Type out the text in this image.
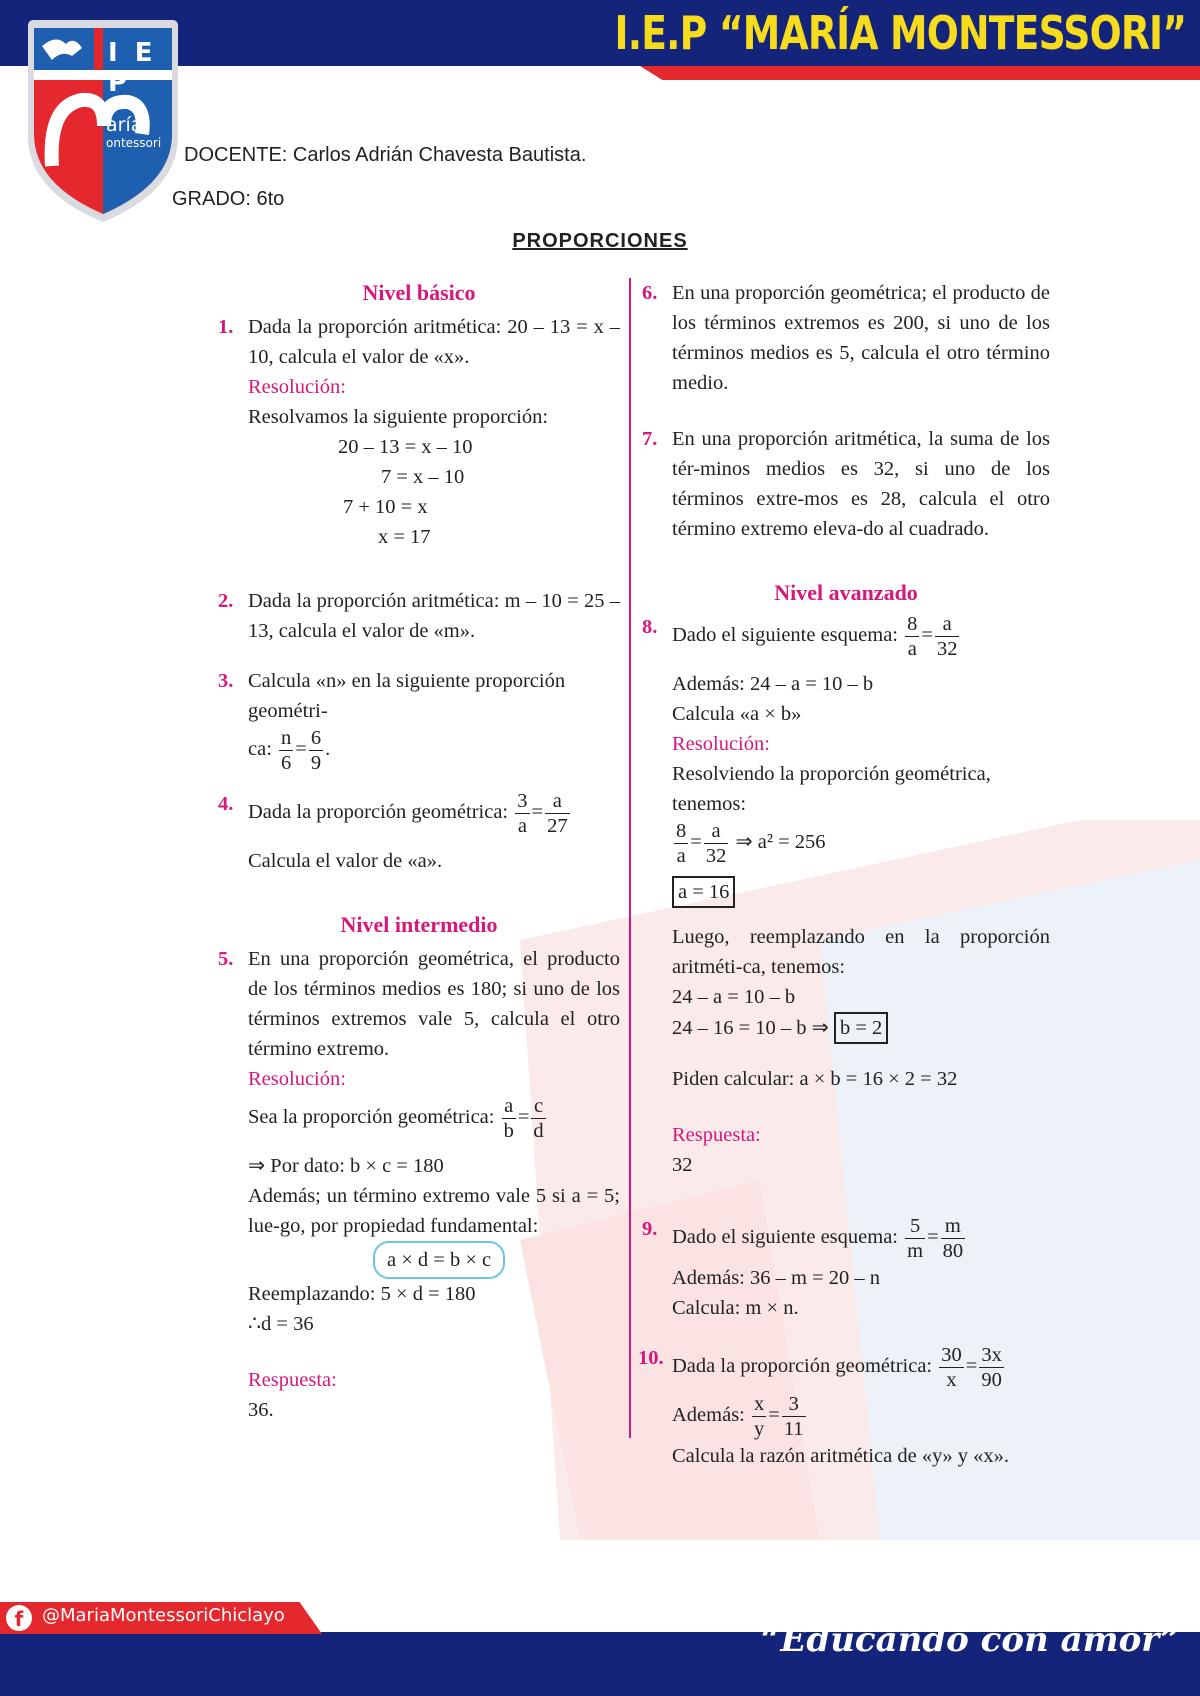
I.E.P “MARÍA MONTESSORI”
I E P
aría
ontessori
DOCENTE: Carlos Adrián Chavesta Bautista.
GRADO: 6to
PROPORCIONES
Nivel básico
1. Dada la proporción aritmética: 20 – 13 = x – 10, calcula el valor de «x».
Resolución:
Resolvamos la siguiente proporción:
20 – 13 = x – 10
7 = x – 10
7 + 10 = x
x = 17
2. Dada la proporción aritmética: m – 10 = 25 – 13, calcula el valor de «m».
3. Calcula «n» en la siguiente proporción geométri-
ca: $\frac{n}{6} = \frac{6}{9}$ .
4. Dada la proporción geométrica: $\frac{3}{a} = \frac{a}{27}$
Calcula el valor de «a».
Nivel intermedio
5. En una proporción geométrica, el producto de los términos medios es 180; si uno de los términos extremos vale 5, calcula el otro término extremo.
Resolución:
Sea la proporción geométrica: $\frac{a}{b} = \frac{c}{d}$
⇒ Por dato: b × c = 180
Además; un término extremo vale 5 si a = 5; lue-go, por propiedad fundamental:
a × d = b × c
Reemplazando: 5 × d = 180
∴d = 36
Respuesta:
36.
6. En una proporción geométrica; el producto de los términos extremos es 200, si uno de los términos medios es 5, calcula el otro término medio.
7. En una proporción aritmética, la suma de los tér-minos medios es 32, si uno de los términos extre-mos es 28, calcula el otro término extremo eleva-do al cuadrado.
Nivel avanzado
8. Dado el siguiente esquema: $\frac{8}{a} = \frac{a}{32}$
Además: 24 – a = 10 – b
Calcula «a × b»
Resolución:
Resolviendo la proporción geométrica, tenemos:
$\frac{8}{a} = \frac{a}{32}$ ⇒ a² = 256
a = 16
Luego, reemplazando en la proporción aritméti-ca, tenemos:
24 – a = 10 – b
24 – 16 = 10 – b ⇒ b = 2
Piden calcular: a × b = 16 × 2 = 32
Respuesta:
32
9. Dado el siguiente esquema: $\frac{5}{m} = \frac{m}{80}$
Además: 36 – m = 20 – n
Calcula: m × n.
10. Dada la proporción geométrica: $\frac{30}{x} = \frac{3x}{90}$
Además: $\frac{x}{y} = \frac{3}{11}$
Calcula la razón aritmética de «y» y «x».
f	@MariaMontessoriChiclayo
“Educando con amor”
